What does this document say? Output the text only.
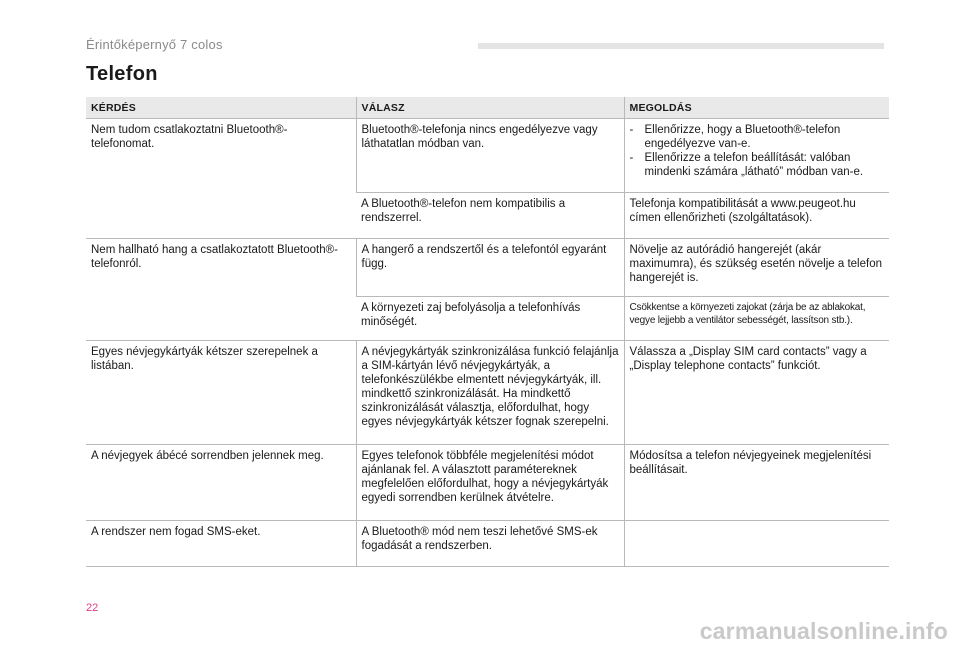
Érintőképernyő 7 colos
Telefon
KÉRDÉS	VÁLASZ	MEGOLDÁS
Nem tudom csatlakoztatni Bluetooth®-telefonomat.	Bluetooth®-telefonja nincs engedélyezve vagy láthatatlan módban van.	- Ellenőrizze, hogy a Bluetooth®-telefon engedélyezve van-e.
- Ellenőrizze a telefon beállítását: valóban mindenki számára „látható” módban van-e.

	A Bluetooth®-telefon nem kompatibilis a rendszerrel.	Telefonja kompatibilitását a www.peugeot.hu címen ellenőrizheti (szolgáltatások).
Nem hallható hang a csatlakoztatott Bluetooth®-telefonról.	A hangerő a rendszertől és a telefontól egyaránt függ.	Növelje az autórádió hangerejét (akár maximumra), és szükség esetén növelje a telefon hangerejét is.
	A környezeti zaj befolyásolja a telefonhívás minőségét.	Csökkentse a környezeti zajokat (zárja be az ablakokat, vegye lejjebb a ventilátor sebességét, lassítson stb.).

Egyes névjegykártyák kétszer szerepelnek a listában.	A névjegykártyák szinkronizálása funkció felajánlja a SIM-kártyán lévő névjegykártyák, a telefonkészülékbe elmentett névjegykártyák, ill. mindkettő szinkronizálását. Ha mindkettő szinkronizálását választja, előfordulhat, hogy egyes névjegykártyák kétszer fognak szerepelni.	Válassza a „Display SIM card contacts” vagy a „Display telephone contacts” funkciót.
A névjegyek ábécé sorrendben jelennek meg.	Egyes telefonok többféle megjelenítési módot ajánlanak fel. A választott paramétereknek megfelelően előfordulhat, hogy a névjegykártyák egyedi sorrendben kerülnek átvételre.	Módosítsa a telefon névjegyeinek megjelenítési beállításait.
A rendszer nem fogad SMS-eket.	A Bluetooth® mód nem teszi lehetővé SMS-ek fogadását a rendszerben.	
22
carmanualsonline.info
